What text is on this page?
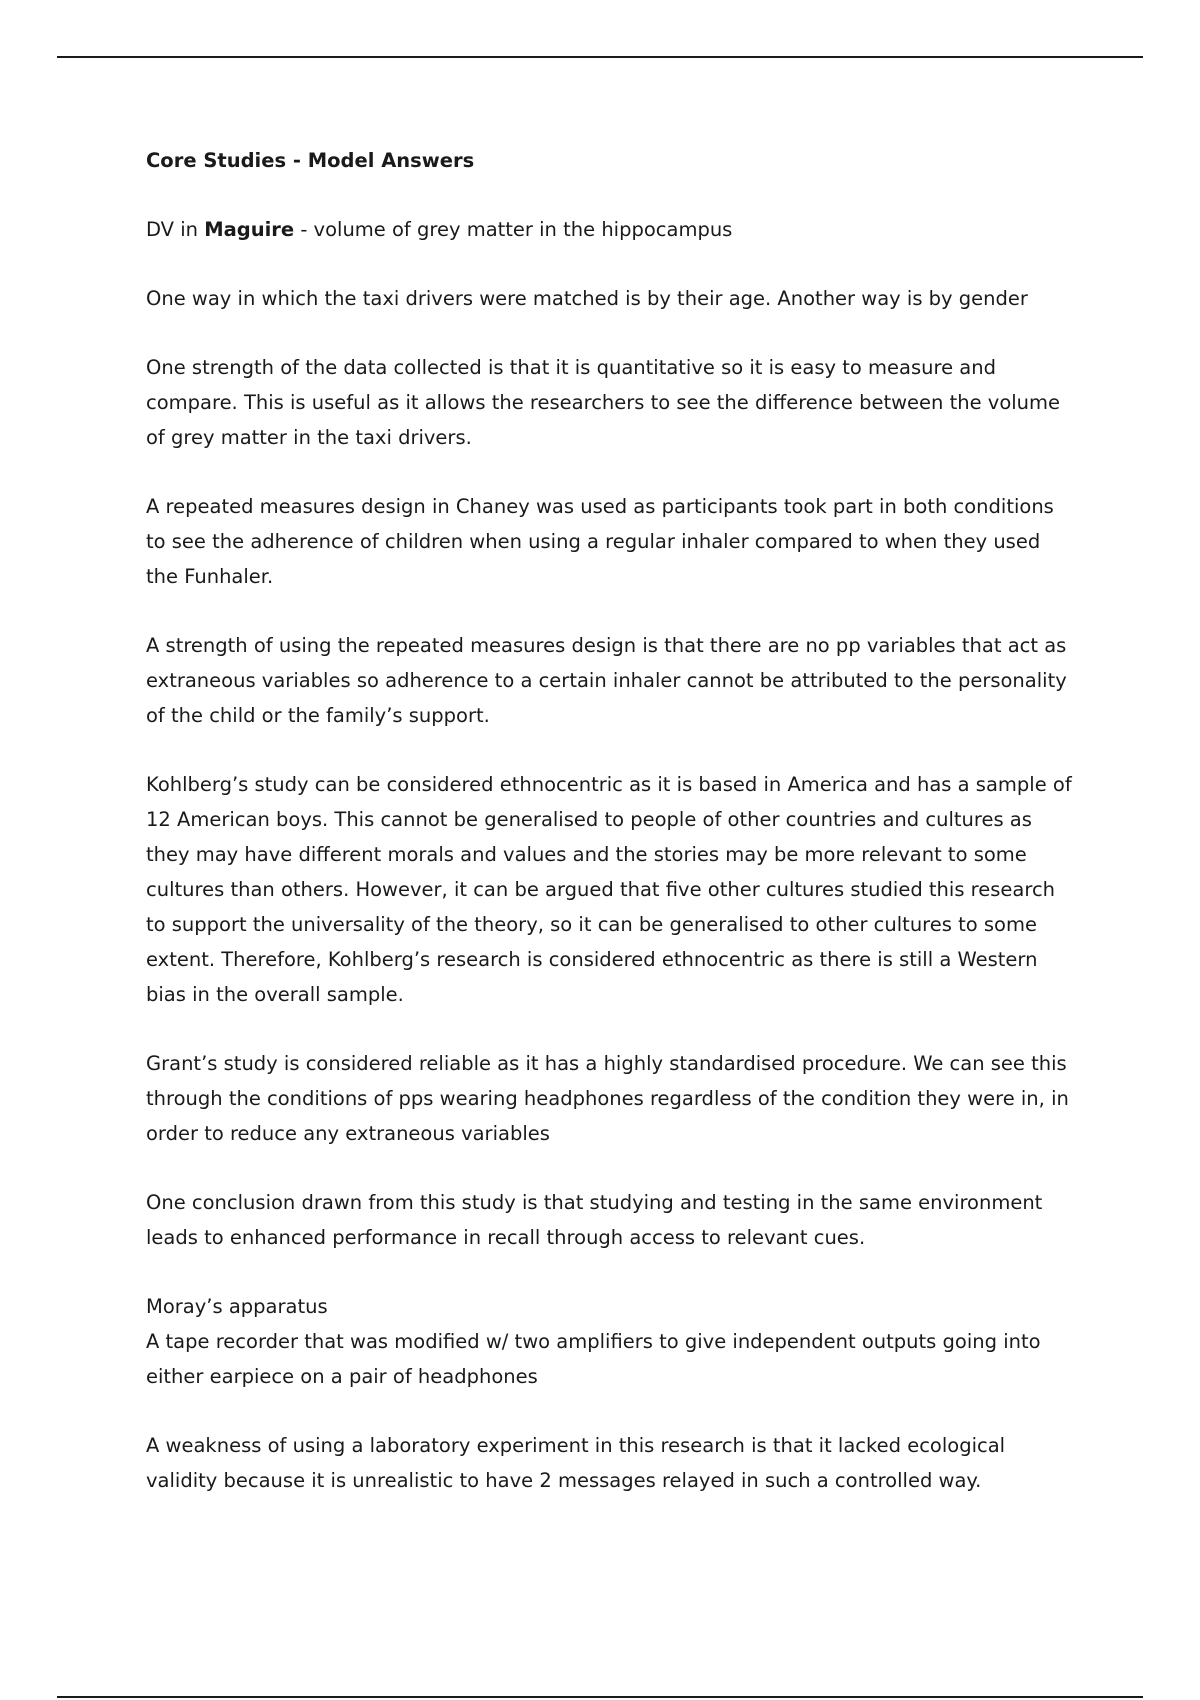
Core Studies - Model Answers

DV in Maguire - volume of grey matter in the hippocampus

One way in which the taxi drivers were matched is by their age. Another way is by gender

One strength of the data collected is that it is quantitative so it is easy to measure and compare. This is useful as it allows the researchers to see the difference between the volume of grey matter in the taxi drivers.

A repeated measures design in Chaney was used as participants took part in both conditions to see the adherence of children when using a regular inhaler compared to when they used the Funhaler.

A strength of using the repeated measures design is that there are no pp variables that act as extraneous variables so adherence to a certain inhaler cannot be attributed to the personality of the child or the family’s support.

Kohlberg’s study can be considered ethnocentric as it is based in America and has a sample of 12 American boys. This cannot be generalised to people of other countries and cultures as they may have different morals and values and the stories may be more relevant to some cultures than others. However, it can be argued that five other cultures studied this research to support the universality of the theory, so it can be generalised to other cultures to some extent. Therefore, Kohlberg’s research is considered ethnocentric as there is still a Western bias in the overall sample.

Grant’s study is considered reliable as it has a highly standardised procedure. We can see this through the conditions of pps wearing headphones regardless of the condition they were in, in order to reduce any extraneous variables

One conclusion drawn from this study is that studying and testing in the same environment leads to enhanced performance in recall through access to relevant cues.

Moray’s apparatus
A tape recorder that was modified w/ two amplifiers to give independent outputs going into either earpiece on a pair of headphones

A weakness of using a laboratory experiment in this research is that it lacked ecological validity because it is unrealistic to have 2 messages relayed in such a controlled way.
